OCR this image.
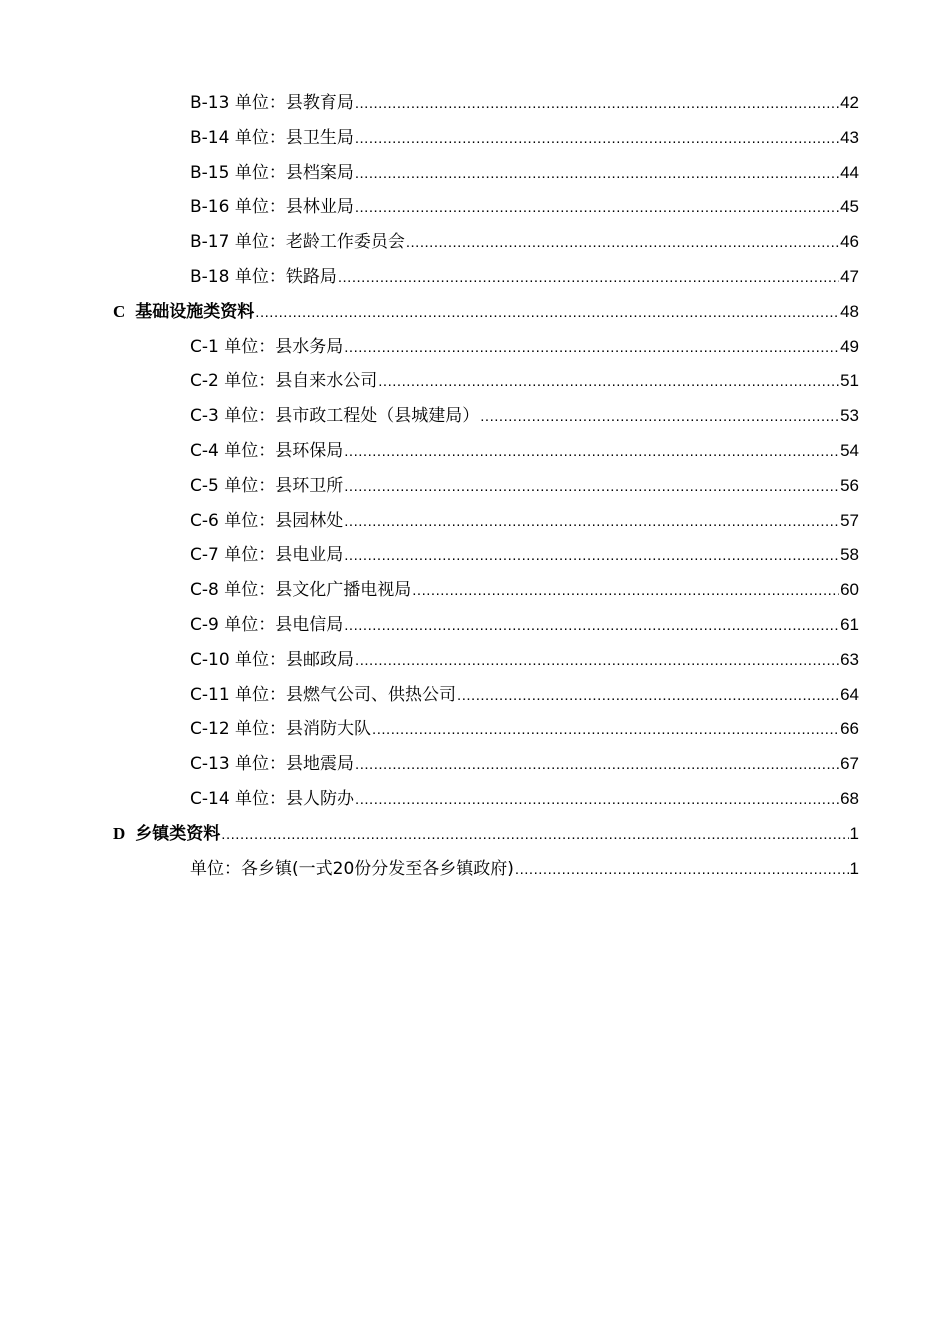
B-13 单位：县教育局 .....	42
B-14 单位：县卫生局 .....	43
B-15 单位：县档案局 .....	44
B-16 单位：县林业局 .....	45
B-17 单位：老龄工作委员会 .....	46
B-18 单位：铁路局 .....	47
C 基础设施类资料 .....	48
C-1 单位：县水务局 .....	49
C-2 单位：县自来水公司 .....	51
C-3 单位：县市政工程处（县城建局） .....	53
C-4 单位：县环保局 .....	54
C-5 单位：县环卫所 .....	56
C-6 单位：县园林处 .....	57
C-7 单位：县电业局 .....	58
C-8 单位：县文化广播电视局 .....	60
C-9 单位：县电信局 .....	61
C-10 单位：县邮政局 .....	63
C-11 单位：县燃气公司、供热公司 .....	64
C-12 单位：县消防大队 .....	66
C-13 单位：县地震局 .....	67
C-14 单位：县人防办 .....	68
D 乡镇类资料 .....	1
单位：各乡镇(一式20份分发至各乡镇政府) .....	1
